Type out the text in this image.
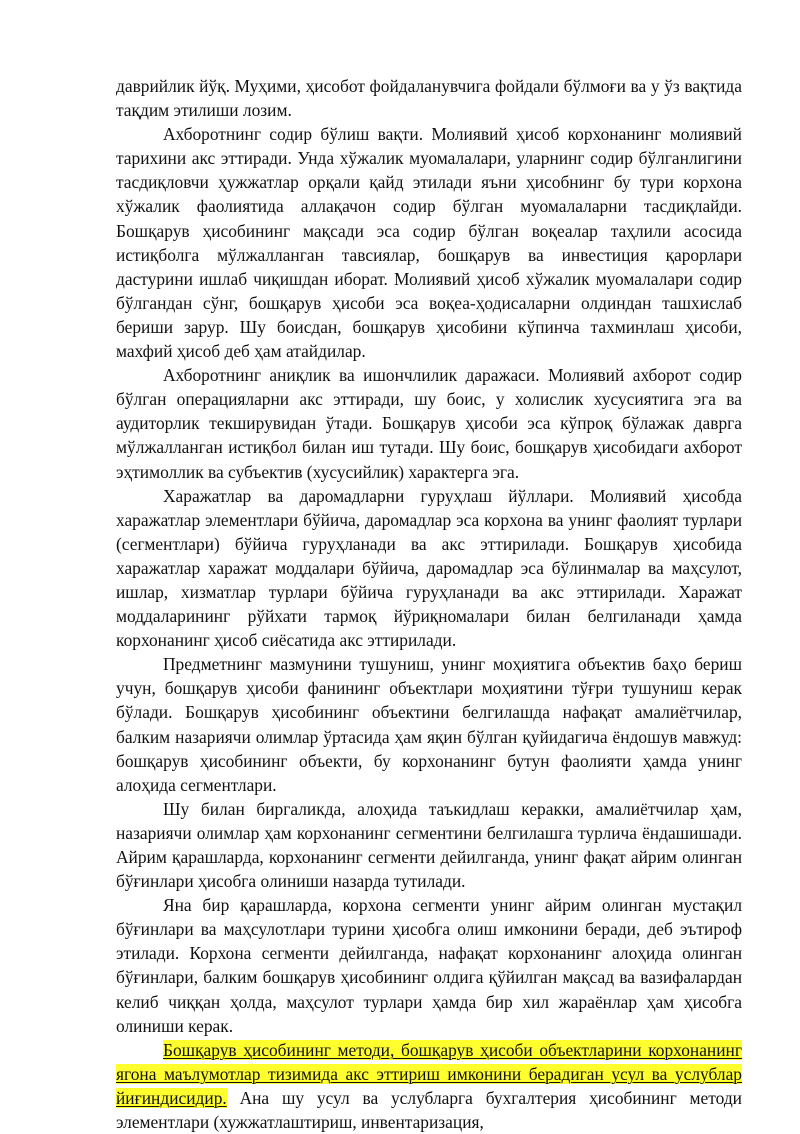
даврийлик йўқ. Муҳими, ҳисобот фойдаланувчига фойдали бўлмоғи ва у ўз вақтида тақдим этилиши лозим.

Ахборотнинг содир бўлиш вақти. Молиявий ҳисоб корхонанинг молиявий тарихини акс эттиради. Унда хўжалик муомалалари, уларнинг содир бўлганлигини тасдиқловчи ҳужжатлар орқали қайд этилади яъни ҳисобнинг бу тури корхона хўжалик фаолиятида аллақачон содир бўлган муомалаларни тасдиқлайди. Бошқарув ҳисобининг мақсади эса содир бўлган воқеалар таҳлили асосида истиқболга мўлжалланган тавсиялар, бошқарув ва инвестиция қарорлари дастурини ишлаб чиқишдан иборат. Молиявий ҳисоб хўжалик муомалалари содир бўлгандан сўнг, бошқарув ҳисоби эса воқеа-ҳодисаларни олдиндан ташхислаб бериши зарур. Шу боисдан, бошқарув ҳисобини кўпинча тахминлаш ҳисоби, махфий ҳисоб деб ҳам атайдилар.

Ахборотнинг аниқлик ва ишончлилик даражаси. Молиявий ахборот содир бўлган операцияларни акс эттиради, шу боис, у холислик хусусиятига эга ва аудиторлик текширувидан ўтади. Бошқарув ҳисоби эса кўпроқ бўлажак даврга мўлжалланган истиқбол билан иш тутади. Шу боис, бошқарув ҳисобидаги ахборот эҳтимоллик ва субъектив (хусусийлик) характерга эга.

Харажатлар ва даромадларни гуруҳлаш йўллари. Молиявий ҳисобда харажатлар элементлари бўйича, даромадлар эса корхона ва унинг фаолият турлари (сегментлари) бўйича гуруҳланади ва акс эттирилади. Бошқарув ҳисобида харажатлар харажат моддалари бўйича, даромадлар эса бўлинмалар ва маҳсулот, ишлар, хизматлар турлари бўйича гуруҳланади ва акс эттирилади. Харажат моддаларининг рўйхати тармоқ йўриқномалари билан белгиланади ҳамда корхонанинг ҳисоб сиёсатида акс эттирилади.

Предметнинг мазмунини тушуниш, унинг моҳиятига объектив баҳо бериш учун, бошқарув ҳисоби фанининг объектлари моҳиятини тўғри тушуниш керак бўлади. Бошқарув ҳисобининг объектини белгилашда нафақат амалиётчилар, балким назариячи олимлар ўртасида ҳам яқин бўлган қуйидагича ёндошув мавжуд: бошқарув ҳисобининг объекти, бу корхонанинг бутун фаолияти ҳамда унинг алоҳида сегментлари.

Шу билан биргаликда, алоҳида таъкидлаш керакки, амалиётчилар ҳам, назариячи олимлар ҳам корхонанинг сегментини белгилашга турлича ёндашишади. Айрим қарашларда, корхонанинг сегменти дейилганда, унинг фақат айрим олинган бўғинлари ҳисобга олиниши назарда тутилади.

Яна бир қарашларда, корхона сегменти унинг айрим олинган мустақил бўғинлари ва маҳсулотлари турини ҳисобга олиш имконини беради, деб эътироф этилади. Корхона сегменти дейилганда, нафақат корхонанинг алоҳида олинган бўғинлари, балким бошқарув ҳисобининг олдига қўйилган мақсад ва вазифалардан келиб чиққан ҳолда, маҳсулот турлари ҳамда бир хил жараёнлар ҳам ҳисобга олиниши керак.

Бошқарув ҳисобининг методи, бошқарув ҳисоби объектларини корхонанинг ягона маълумотлар тизимида акс эттириш имконини берадиган усул ва услублар йиғиндисидир. Ана шу усул ва услубларга бухгалтерия ҳисобининг методи элементлари (хужжатлаштириш, инвентаризация,
